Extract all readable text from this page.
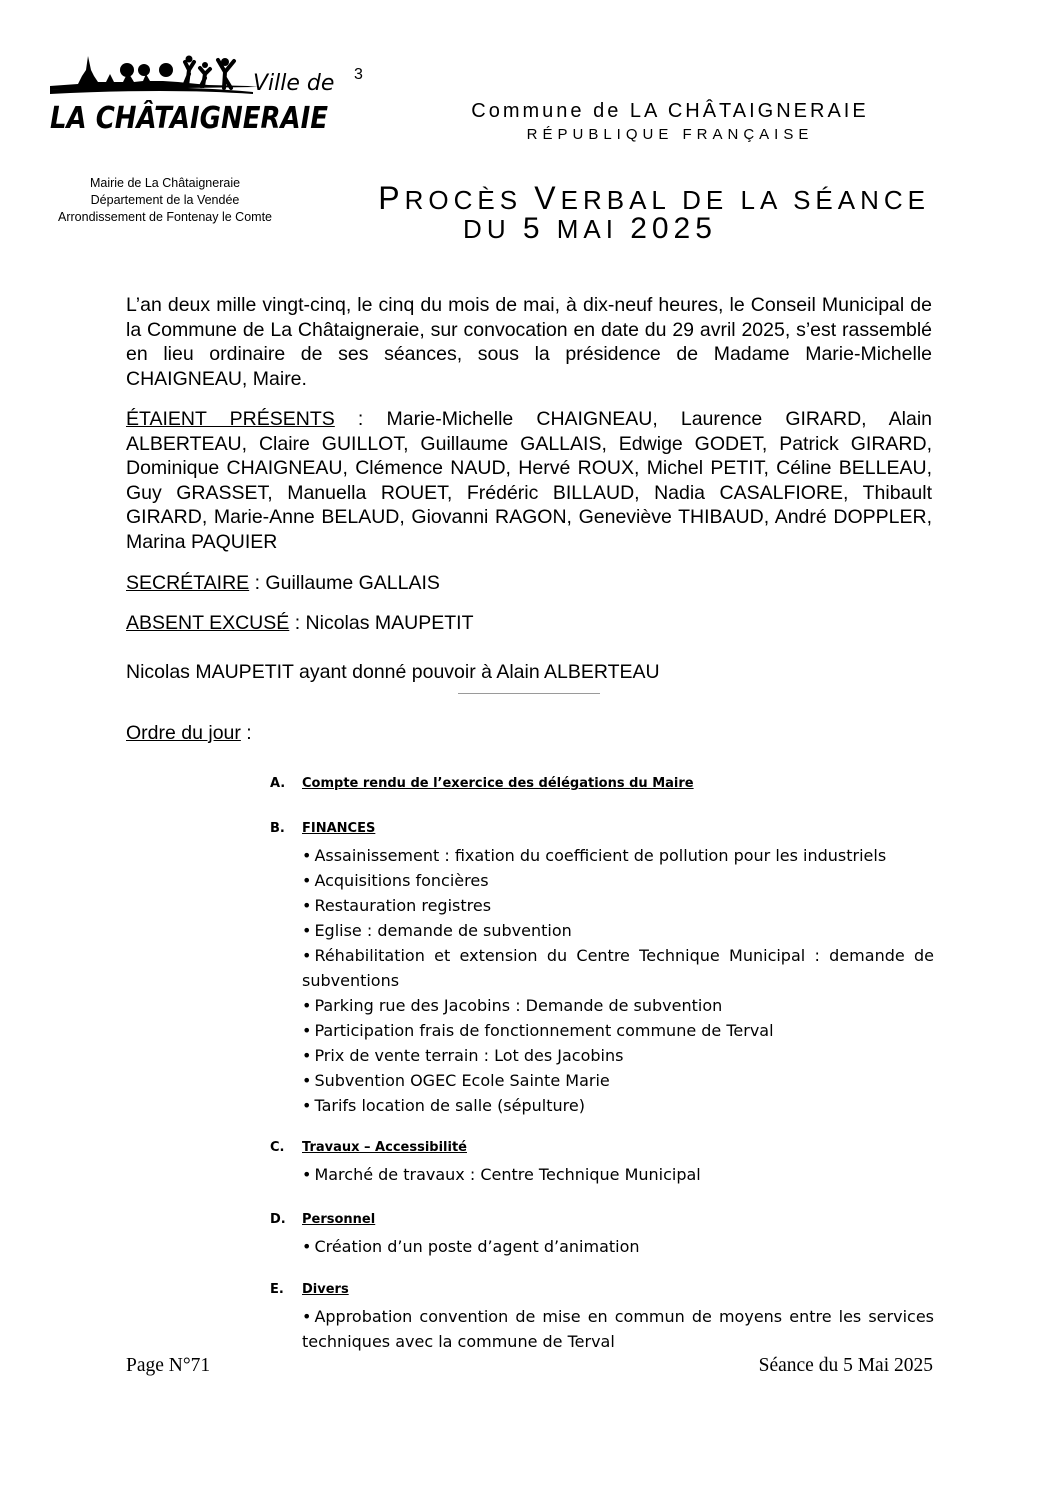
Ville de
LA CHÂTAIGNERAIE
3
Commune de LA CHÂTAIGNERAIE
RÉPUBLIQUE FRANÇAISE
Mairie de La Châtaigneraie
Département de la Vendée
Arrondissement de Fontenay le Comte
PROCÈS VERBAL DE LA SÉANCE
DU 5 MAI 2025
L’an deux mille vingt-cinq, le cinq du mois de mai, à dix-neuf heures, le Conseil Municipal de la Commune de La Châtaigneraie, sur convocation en date du 29 avril 2025, s’est rassemblé en lieu ordinaire de ses séances, sous la présidence de Madame Marie-Michelle CHAIGNEAU, Maire.
ÉTAIENT PRÉSENTS : Marie-Michelle CHAIGNEAU, Laurence GIRARD, Alain ALBERTEAU, Claire GUILLOT, Guillaume GALLAIS, Edwige GODET, Patrick GIRARD, Dominique CHAIGNEAU, Clémence NAUD, Hervé ROUX, Michel PETIT, Céline BELLEAU, Guy GRASSET, Manuella ROUET, Frédéric BILLAUD, Nadia CASALFIORE, Thibault GIRARD, Marie-Anne BELAUD, Giovanni RAGON, Geneviève THIBAUD, André DOPPLER, Marina PAQUIER
SECRÉTAIRE : Guillaume GALLAIS
ABSENT EXCUSÉ : Nicolas MAUPETIT
Nicolas MAUPETIT ayant donné pouvoir à Alain ALBERTEAU
Ordre du jour :
A. Compte rendu de l’exercice des délégations du Maire
B. FINANCES
• Assainissement : fixation du coefficient de pollution pour les industriels
• Acquisitions foncières
• Restauration registres
• Eglise : demande de subvention
• Réhabilitation et extension du Centre Technique Municipal : demande de subventions
• Parking rue des Jacobins : Demande de subvention
• Participation frais de fonctionnement commune de Terval
• Prix de vente terrain : Lot des Jacobins
• Subvention OGEC Ecole Sainte Marie
• Tarifs location de salle (sépulture)
C. Travaux – Accessibilité
• Marché de travaux : Centre Technique Municipal
D. Personnel
• Création d’un poste d’agent d’animation
E. Divers
• Approbation convention de mise en commun de moyens entre les services techniques avec la commune de Terval
Page N°71	Séance du 5 Mai 2025
